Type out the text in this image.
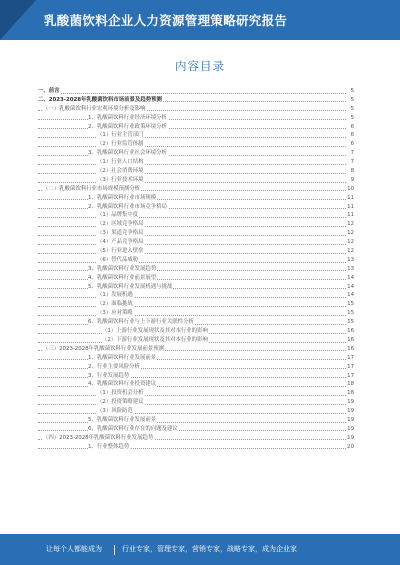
乳酸菌饮料企业人力资源管理策略研究报告
内容目录
一、前言	5
二、2023-2028年乳酸菌饮料市场前景及趋势预测	5
（一）乳酸菌饮料行业宏观环境分析及影响	5
1、乳酸菌饮料行业经济环境分析	5
2、乳酸菌饮料行业政策环境分析	6
（1）行业主管部门	6
（2）行业监管体制	6
3、乳酸菌饮料行业社会环境分析	7
（1）行业人口结构	7
（2）社会消费环境	8
（3）行业技术环境	9
（二）乳酸菌饮料行业市场规模预测分析	10
1、乳酸菌饮料行业市场规模	11
2、乳酸菌饮料行业市场竞争格局	11
（1）品牌集中度	11
（2）区域竞争格局	12
（3）渠道竞争格局	12
（4）产品竞争格局	12
（5）行业进入壁垒	12
（6）替代品威胁	13
3、乳酸菌饮料行业发展趋势	13
4、乳酸菌饮料行业前景展望	14
5、乳酸菌饮料行业发展机遇与挑战	14
（1）发展机遇	14
（2）面临挑战	15
（3）应对策略	15
6、乳酸菌饮料行业与上下游行业关联性分析	15
（1）上游行业发展现状及其对本行业的影响	16
（2）下游行业发展现状及其对本行业的影响	16
（三）2023-2028年乳酸菌饮料行业发展前景预测	16
1、乳酸菌饮料行业发展前景	17
2、行业主要风险分析	17
3、行业发展趋势	17
4、乳酸菌饮料行业投资建议	18
（1）投资机会分析	18
（2）投资策略建议	19
（3）风险防范	19
5、乳酸菌饮料行业发展前景	19
6、乳酸菌饮料行业存在的问题及建议	19
（四）2023-2028年乳酸菌饮料行业发展趋势	19
1、行业整体趋势	20
让每个人都能成为	行业专家，管理专家，营销专家，战略专家，成为企业家
